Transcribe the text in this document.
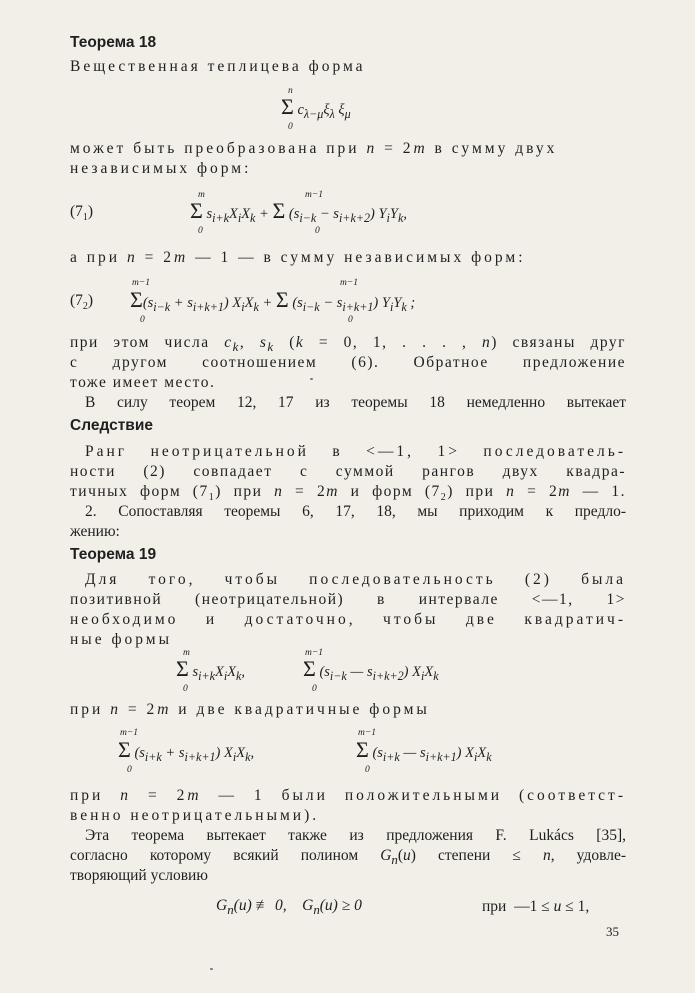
Теорема 18
Вещественная теплицева форма
n
Σ $c_{\lambda-\mu}\xi_\lambda$ $\xi_\mu$
0
может быть преобразована при n = 2m в сумму двух
независимых форм:
$(7_1)$
m	m−1
Σ $s_{i+k}X_iX_k + \Sigma$ $(s_{i-k} - s_{i+k+2})$ $Y_iY_k$,
0	0
а при n = 2m — 1 — в сумму независимых форм:
$(7_2)$
m−1	m−1
$\Sigma(s_{i-k} + s_{i+k+1}) X_iX_k + \Sigma$ $(s_{i-k} - s_{i+k+1})$ $Y_iY_k$ ;
0	0
при этом числа $c_k$, $s_k$ (k = 0, 1, . . . , n) связаны друг
с другом соотношением (6). Обратное предложение
тоже имеет место.
В силу теорем 12, 17 из теоремы 18 немедленно вытекает
Следствие
Ранг неотрицательной в <—1, 1> последователь-
ности (2) совпадает с суммой рангов двух квадра-
тичных форм $(7_1)$ при n = 2m и форм $(7_2)$ при n = 2m — 1.
2. Сопоставляя теоремы 6, 17, 18, мы приходим к предло-
жению:
Теорема 19
Для того, чтобы последовательность (2) была
позитивной (неотрицательной) в интервале <—1, 1>
необходимо и достаточно, чтобы две квадратич-
ные формы
m
Σ $s_{i+k}X_iX_k$,
0
m−1
Σ ($s_{i-k}$ — $s_{i+k+2}$) $X_iX_k$
0
при n = 2m и две квадратичные формы
m−1
Σ $(s_{i+k} + s_{i+k+1})$ $X_iX_k$,
0
m−1
Σ ($s_{i+k}$ — $s_{i+k+1}$) $X_iX_k$
0
при n = 2m — 1 были положительными (соответст-
венно неотрицательными).
Эта теорема вытекает также из предложения F. Lukács [35],
согласно которому всякий полином $G_n(u)$ степени ≤ n, удовле-
творяющий условию
$G_n(u)$ ≢ 0,    $G_n(u) \ge 0$	при  —1 ≤ u ≤ 1,
35
